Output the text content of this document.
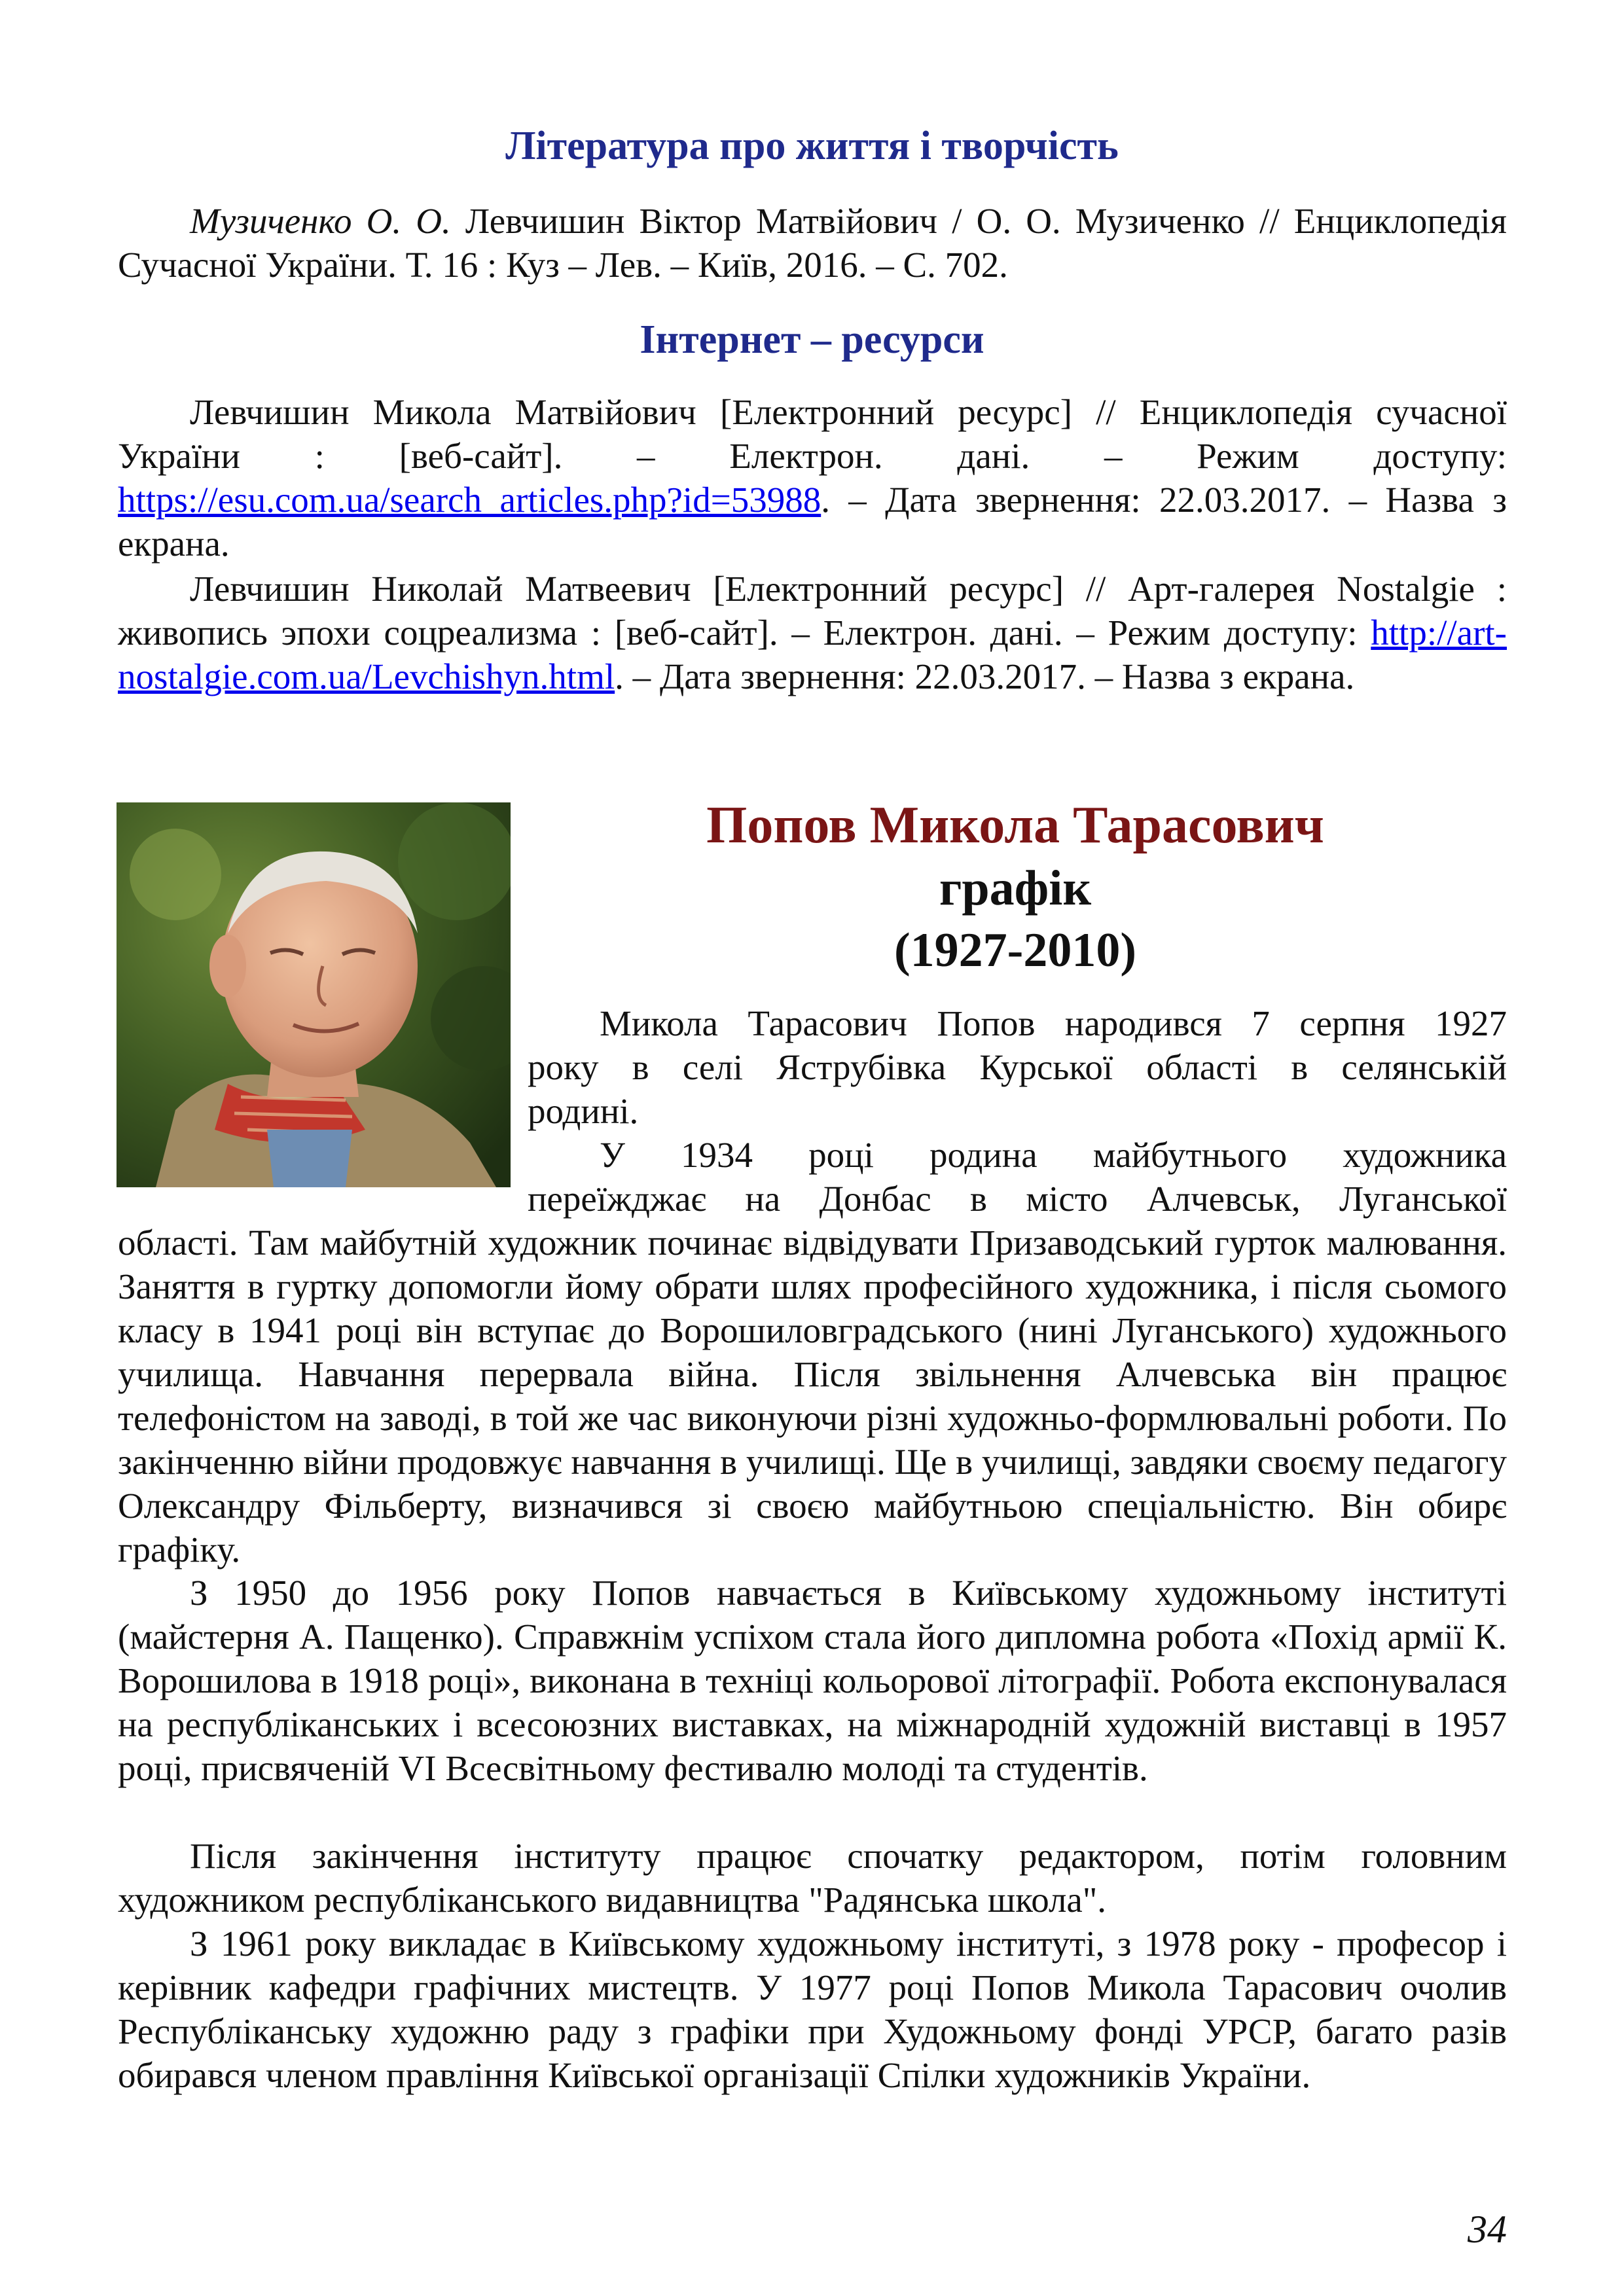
Література про життя і творчість

Музиченко О. О. Левчишин Віктор Матвійович / О. О. Музиченко // Енциклопедія Сучасної України. Т. 16 : Куз – Лев. – Київ, 2016. – С. 702.

Інтернет – ресурси

Левчишин Микола Матвійович [Електронний ресурс] // Енциклопедія сучасної України : [веб-сайт]. – Електрон. дані. – Режим доступу: https://esu.com.ua/search_articles.php?id=53988. – Дата звернення: 22.03.2017. – Назва з екрана.

Левчишин Николай Матвеевич [Електронний ресурс] // Арт-галерея Nostalgie : живопись эпохи соцреализма : [веб-сайт]. – Електрон. дані. – Режим доступу: http://art-nostalgie.com.ua/Levchishyn.html. – Дата звернення: 22.03.2017. – Назва з екрана.

Попов Микола Тарасович
графік
(1927-2010)

Микола Тарасович Попов народився 7 серпня 1927

року в селі Яструбівка Курської області в селянській

родині.

У 1934 році родина майбутнього художника

переїжджає на Донбас в місто Алчевськ, Луганської

області. Там майбутній художник починає відвідувати Призаводський гурток малювання. Заняття в гуртку допомогли йому обрати шлях професійного художника, і після сьомого класу в 1941 році він вступає до Ворошиловградського (нині Луганського) художнього училища. Навчання перервала війна. Після звільнення Алчевська він працює телефоністом на заводі, в той же час виконуючи різні художньо-формлювальні роботи. По закінченню війни продовжує навчання в училищі. Ще в училищі, завдяки своєму педагогу Олександру Фільберту, визначився зі своєю майбутньою спеціальністю. Він обирє графіку.

З 1950 до 1956 року Попов навчається в Київському художньому інституті (майстерня А. Пащенко). Справжнім успіхом стала його дипломна робота «Похід армії К. Ворошилова в 1918 році», виконана в техніці кольорової літографії. Робота експонувалася на республіканських і всесоюзних виставках, на міжнародній художній виставці в 1957 році, присвяченій VI Всесвітньому фестивалю молоді та студентів.

Після закінчення інституту працює спочатку редактором, потім головним художником республіканського видавництва "Радянська школа".

З 1961 року викладає в Київському художньому інституті, з 1978 року - професор і керівник кафедри графічних мистецтв. У 1977 році Попов Микола Тарасович очолив Республіканську художню раду з графіки при Художньому фонді УРСР, багато разів обирався членом правління Київської організації Спілки художників України.

34
